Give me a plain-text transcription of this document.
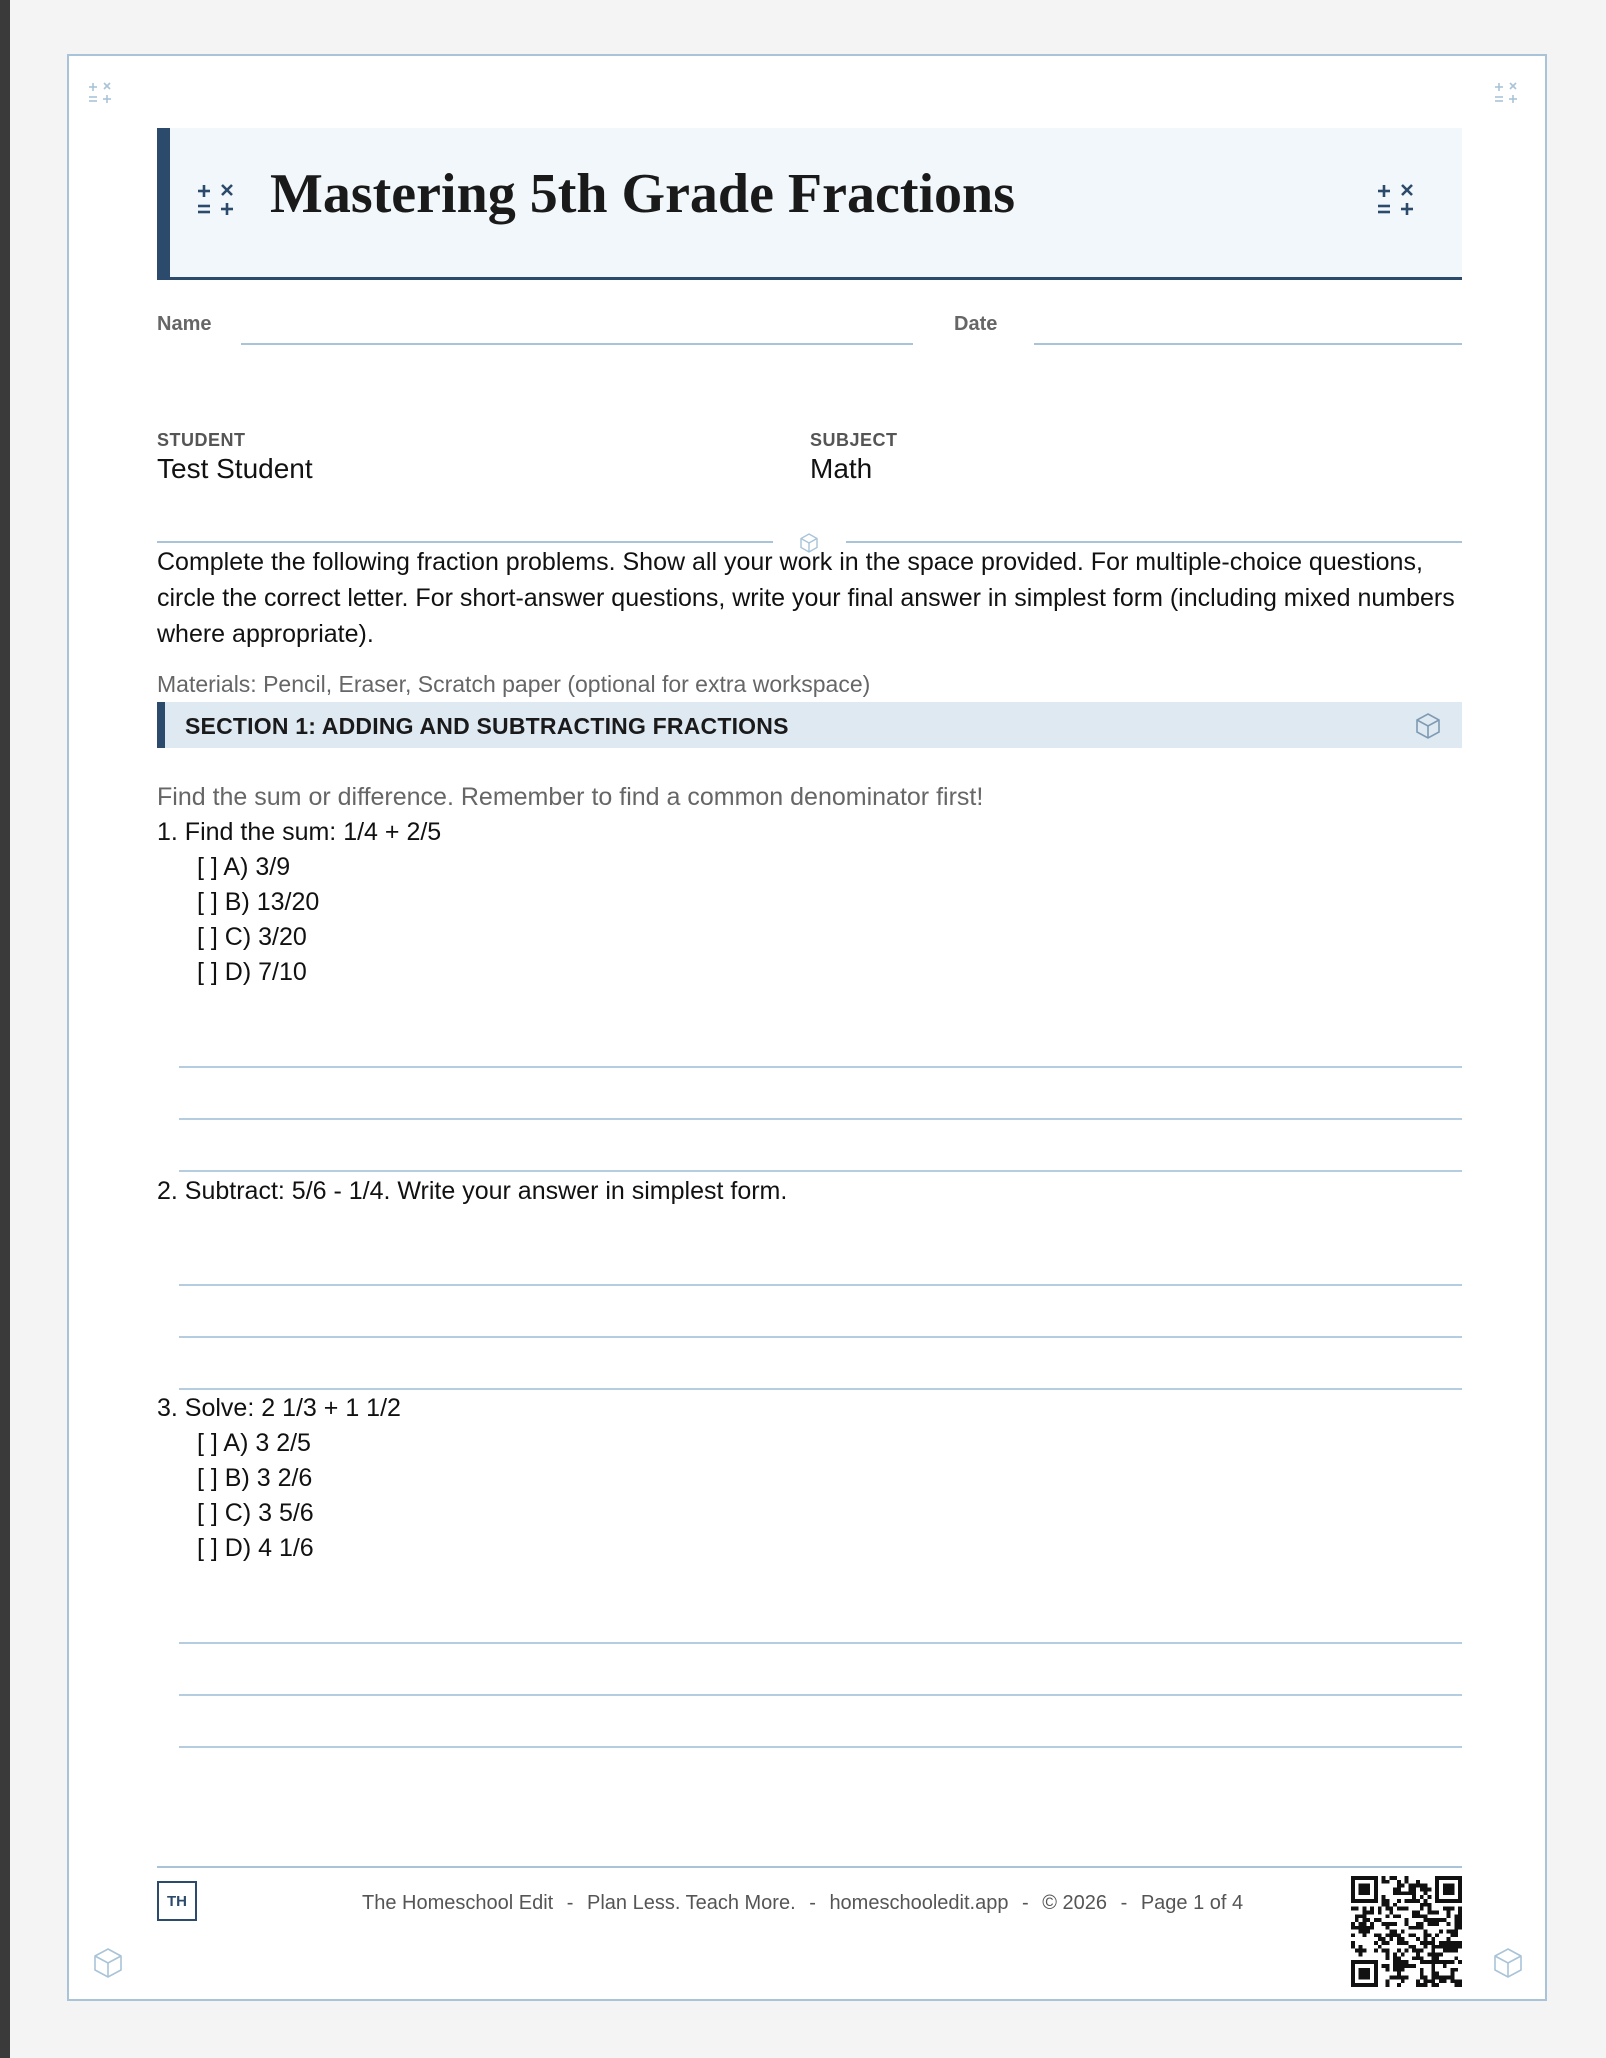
Mastering 5th Grade Fractions
Name	Date
STUDENT
Test Student
SUBJECT
Math
Complete the following fraction problems. Show all your work in the space provided. For multiple-choice questions, circle the correct letter. For short-answer questions, write your final answer in simplest form (including mixed numbers where appropriate).
Materials: Pencil, Eraser, Scratch paper (optional for extra workspace)
SECTION 1: ADDING AND SUBTRACTING FRACTIONS
Find the sum or difference. Remember to find a common denominator first!
1. Find the sum: 1/4 + 2/5
[ ] A) 3/9
[ ] B) 13/20
[ ] C) 3/20
[ ] D) 7/10
2. Subtract: 5/6 - 1/4. Write your answer in simplest form.
3. Solve: 2 1/3 + 1 1/2
[ ] A) 3 2/5
[ ] B) 3 2/6
[ ] C) 3 5/6
[ ] D) 4 1/6
TH	The Homeschool Edit - Plan Less. Teach More. - homeschooledit.app - © 2026 - Page 1 of 4
